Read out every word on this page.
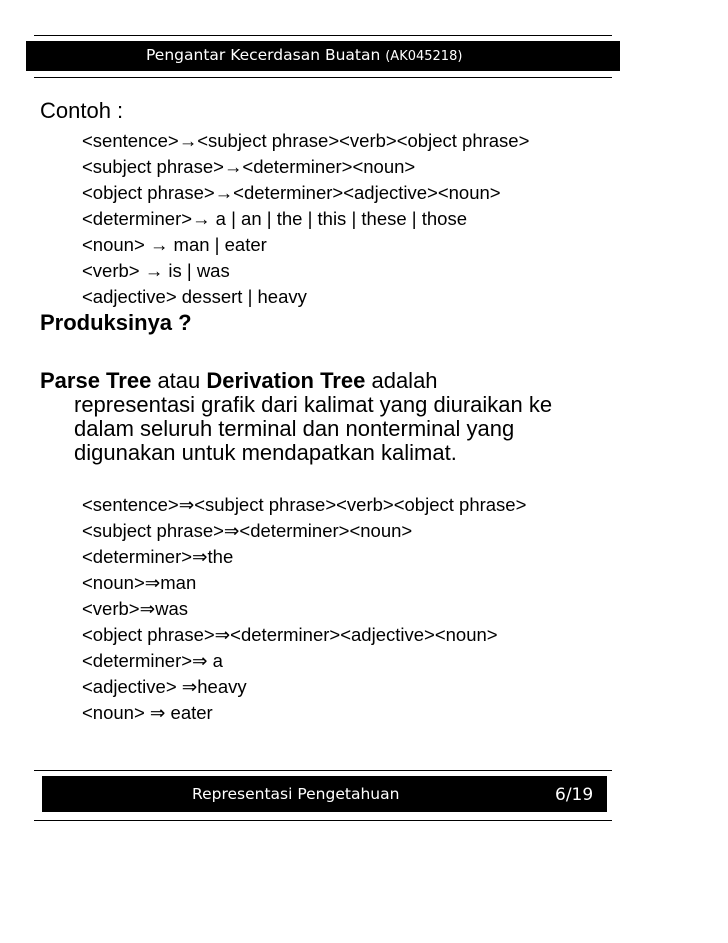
Pengantar Kecerdasan Buatan (AK045218)
Contoh :
<sentence>→<subject phrase><verb><object phrase>
<subject phrase>→<determiner><noun>
<object phrase>→<determiner><adjective><noun>
<determiner>→ a | an | the | this | these | those
<noun> → man | eater
<verb> → is | was
<adjective> dessert | heavy
Produksinya ?
Parse Tree atau Derivation Tree adalah
representasi grafik dari kalimat yang diuraikan ke
dalam seluruh terminal dan nonterminal yang
digunakan untuk mendapatkan kalimat.
<sentence>⇒<subject phrase><verb><object phrase>
<subject phrase>⇒<determiner><noun>
<determiner>⇒the
<noun>⇒man
<verb>⇒was
<object phrase>⇒<determiner><adjective><noun>
<determiner>⇒ a
<adjective> ⇒heavy
<noun> ⇒ eater
Representasi Pengetahuan	6/19
